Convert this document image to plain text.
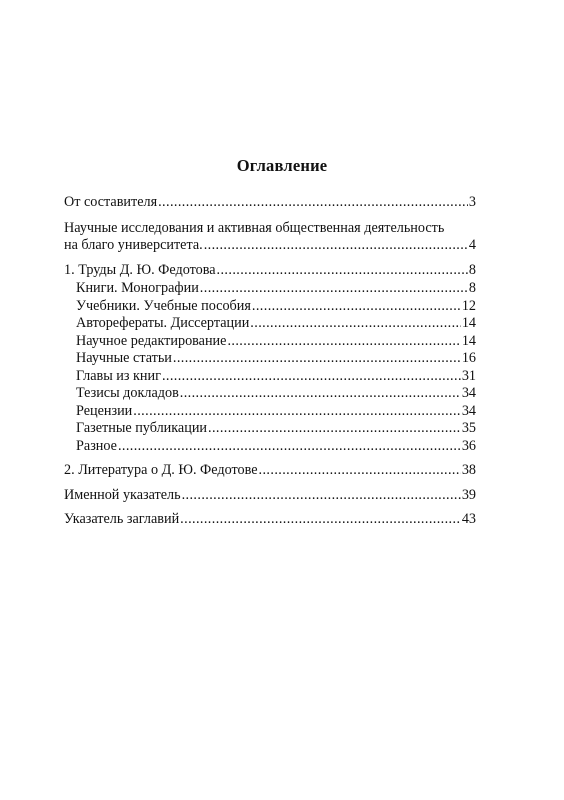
Оглавление
От составителя .....	3
Научные исследования и активная общественная деятельность
на благо университета. .....	4
1. Труды Д. Ю. Федотова .....	8
Книги. Монографии .....	8
Учебники. Учебные пособия .....	12
Авторефераты. Диссертации .....	14
Научное редактирование .....	14
Научные статьи .....	16
Главы из книг .....	31
Тезисы докладов .....	34
Рецензии .....	34
Газетные публикации .....	35
Разное .....	36
2. Литература о Д. Ю. Федотове .....	38
Именной указатель .....	39
Указатель заглавий .....	43
